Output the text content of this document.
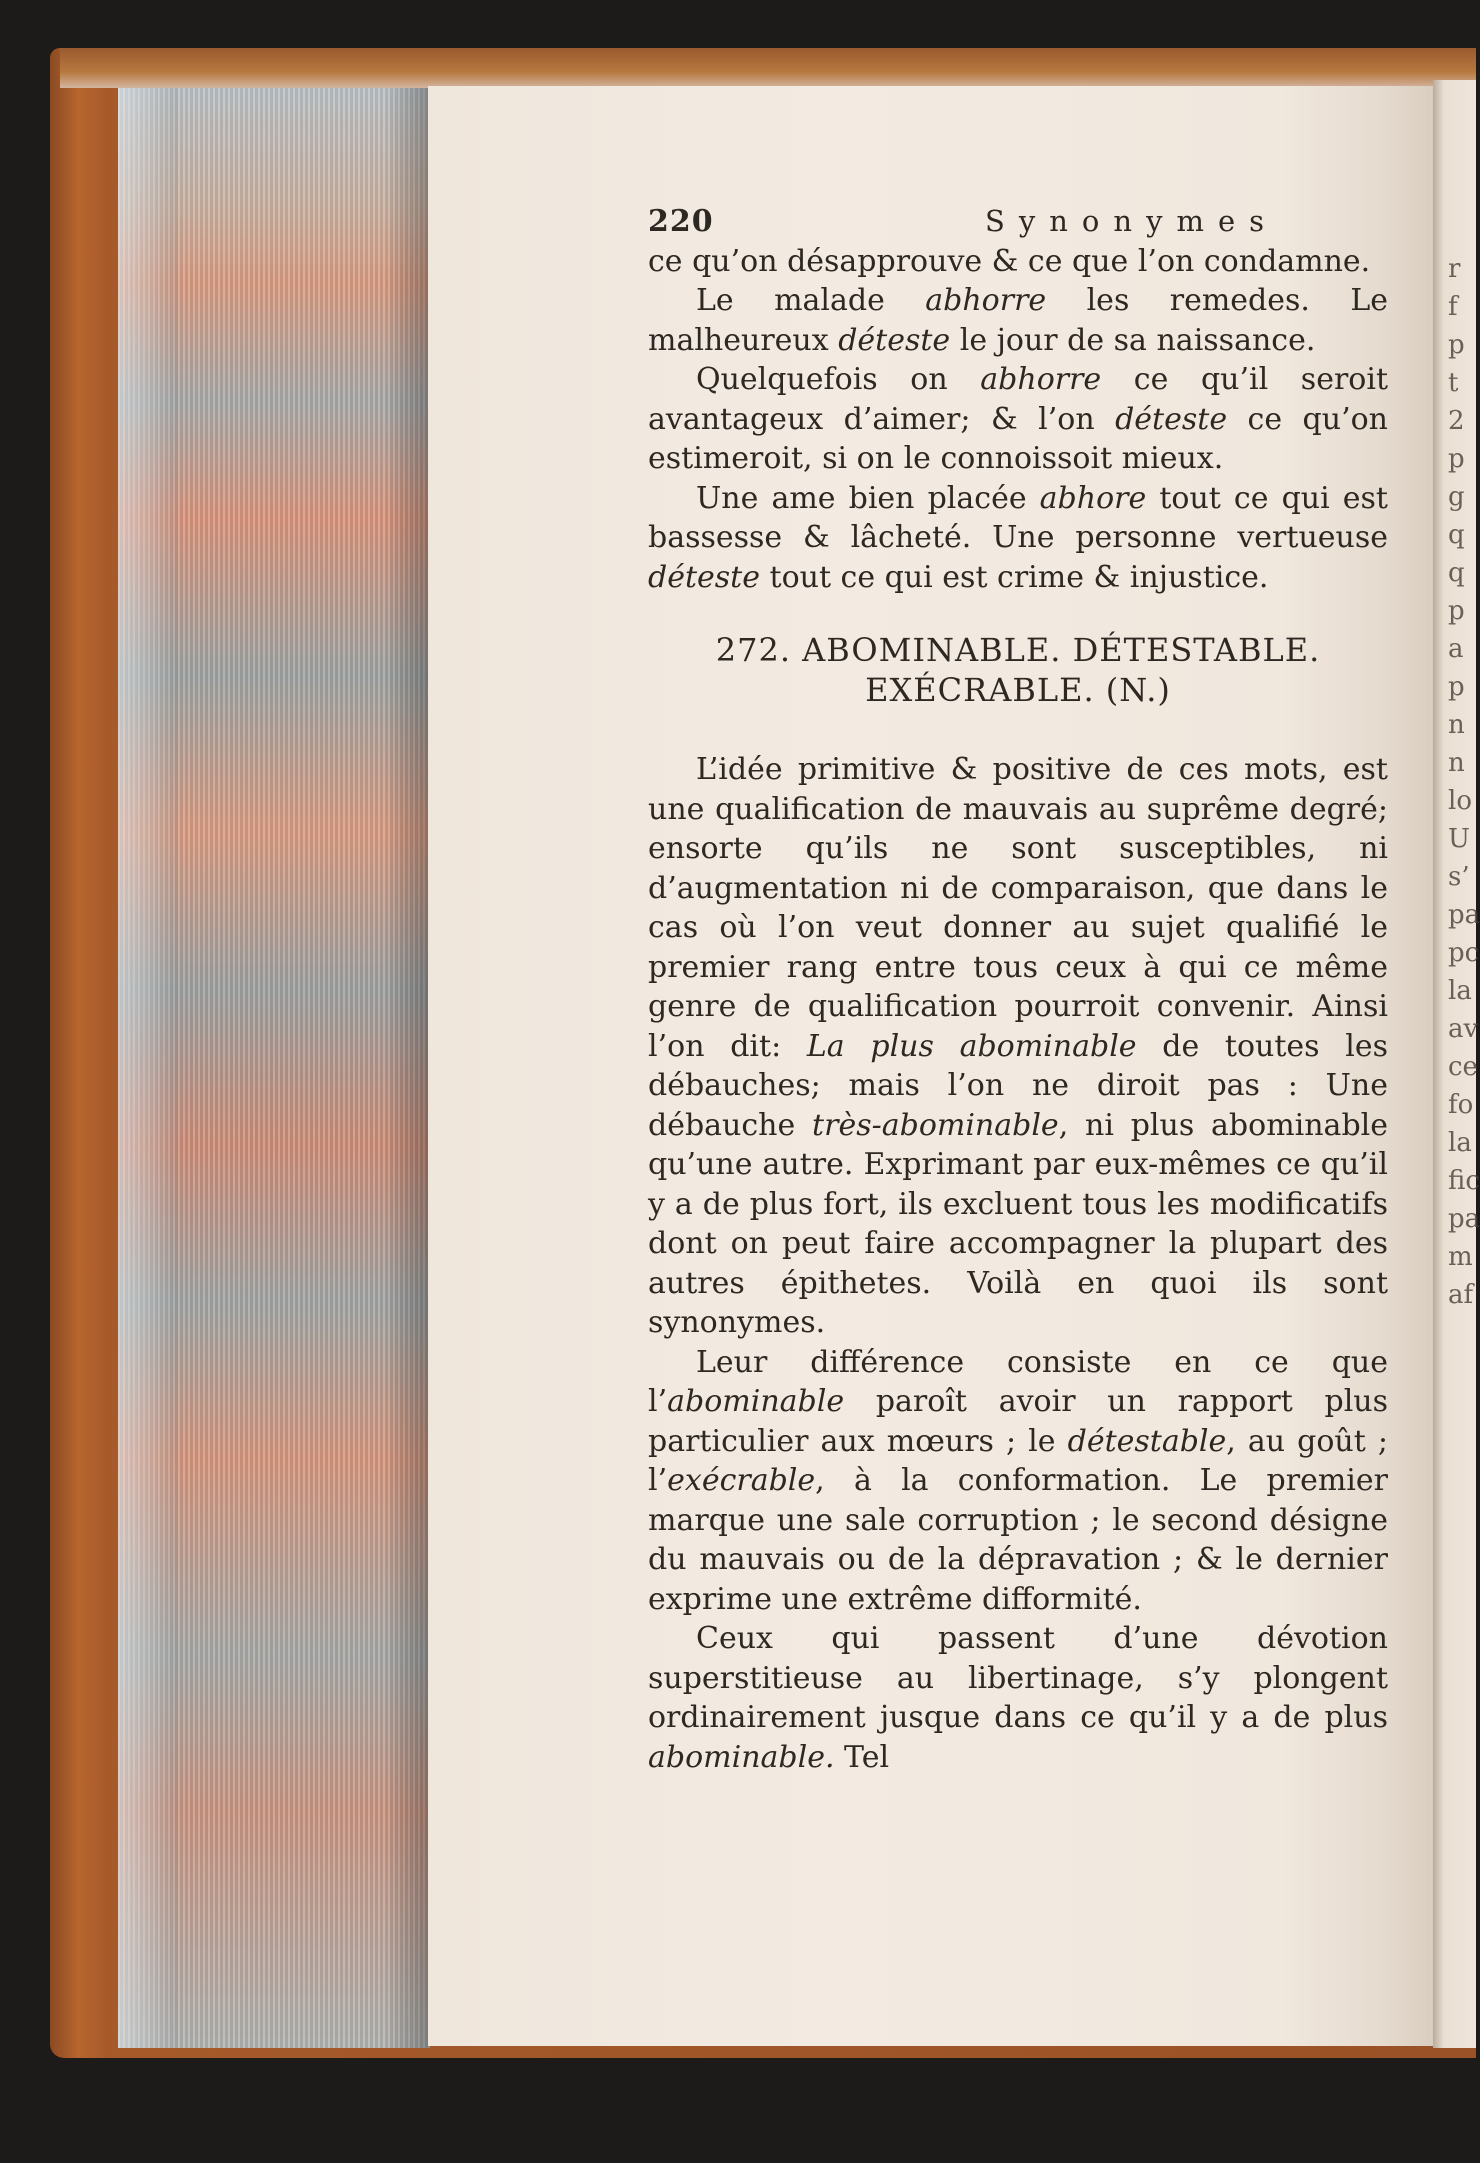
r
f
p
t
2
p
g
q
q
p
a
p
n
n
lo
U
s’
pa
pc
la
av
ce
fo
la
fic
pa
m
af
220	Synonymes

ce qu’on désapprouve & ce que l’on condamne.

Le malade abhorre les remedes. Le malheureux déteste le jour de sa naissance.

Quelquefois on abhorre ce qu’il seroit avantageux d’aimer; & l’on déteste ce qu’on estimeroit, si on le connoissoit mieux.

Une ame bien placée abhore tout ce qui est bassesse & lâcheté. Une personne vertueuse déteste tout ce qui est crime & injustice.

272. ABOMINABLE. DÉTESTABLE.
EXÉCRABLE. (N.)

L’idée primitive & positive de ces mots, est une qualification de mauvais au suprême degré; ensorte qu’ils ne sont susceptibles, ni d’augmentation ni de comparaison, que dans le cas où l’on veut donner au sujet qualifié le premier rang entre tous ceux à qui ce même genre de qualification pourroit convenir. Ainsi l’on dit: La plus abominable de toutes les débauches; mais l’on ne diroit pas : Une débauche très-abominable, ni plus abominable qu’une autre. Exprimant par eux-mêmes ce qu’il y a de plus fort, ils excluent tous les modificatifs dont on peut faire accompagner la plupart des autres épithetes. Voilà en quoi ils sont synonymes.

Leur différence consiste en ce que l’abominable paroît avoir un rapport plus particulier aux mœurs ; le détestable, au goût ; l’exécrable, à la conformation. Le premier marque une sale corruption ; le second désigne du mauvais ou de la dépravation ; & le dernier exprime une extrême difformité.

Ceux qui passent d’une dévotion superstitieuse au libertinage, s’y plongent ordinairement jusque dans ce qu’il y a de plus abominable. Tel
